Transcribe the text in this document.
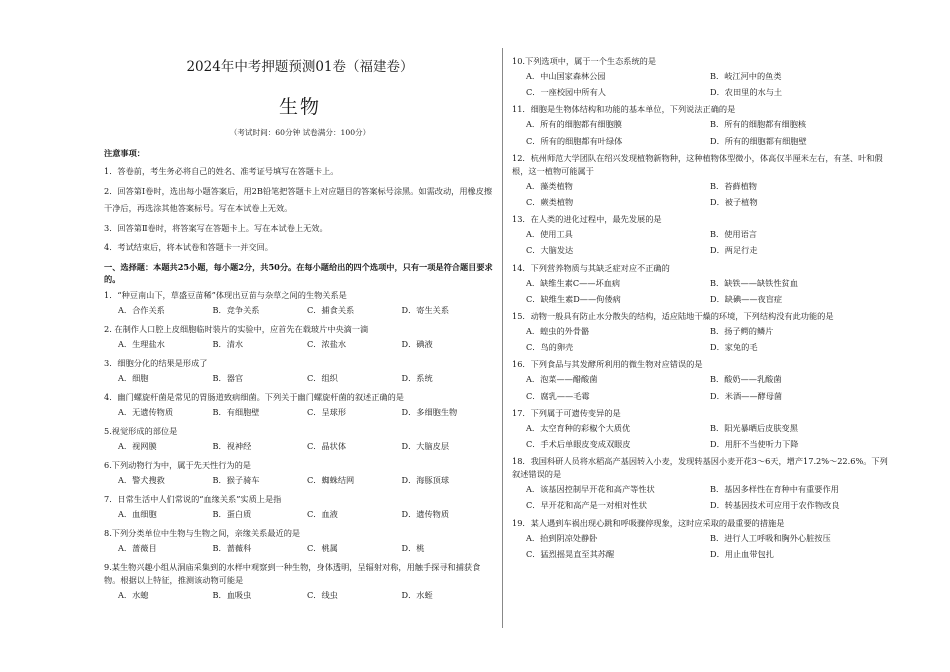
2024年中考押题预测01卷（福建卷）
生物
（考试时间：60分钟 试卷满分：100分）
注意事项：
1．答卷前，考生务必将自己的姓名、准考证号填写在答题卡上。
2．回答第Ⅰ卷时，选出每小题答案后，用2B铅笔把答题卡上对应题目的答案标号涂黑。如需改动，用橡皮擦干净后，再选涂其他答案标号。写在本试卷上无效。
3．回答第Ⅱ卷时，将答案写在答题卡上。写在本试卷上无效。
4．考试结束后，将本试卷和答题卡一并交回。
一、选择题：本题共25小题，每小题2分，共50分。在每小题给出的四个选项中，只有一项是符合题目要求的。
1．“种豆南山下，草盛豆苗稀”体现出豆苗与杂草之间的生物关系是
A．合作关系	B．竞争关系	C．捕食关系	D．寄生关系
2. 在制作人口腔上皮细胞临时装片的实验中，应首先在载玻片中央滴一滴
A．生理盐水	B．清水	C．浓盐水	D．碘液
3．细胞分化的结果是形成了
A．细胞	B．器官	C．组织	D．系统
4．幽门螺旋杆菌是常见的胃肠道致病细菌。下列关于幽门螺旋杆菌的叙述正确的是
A．无遗传物质	B．有细胞壁	C．呈球形	D．多细胞生物
5.视觉形成的部位是
A．视网膜	B．视神经	C．晶状体	D．大脑皮层
6.下列动物行为中，属于先天性行为的是
A．警犬搜救	B．猴子骑车	C．蜘蛛结网	D．海豚顶球
7．日常生活中人们常说的“血缘关系”实质上是指
A．血细胞	B．蛋白质	C．血液	D．遗传物质
8.下列分类单位中生物与生物之间，亲缘关系最近的是
A．蔷薇目	B．蔷薇科	C．桃属	D．桃
9.某生物兴趣小组从洞庙采集到的水样中观察到一种生物，身体透明，呈辐射对称，用触手探寻和捕获食物。根据以上特征，推测该动物可能是
A．水螅	B．血吸虫	C．线虫	D．水蛭
10.下列选项中，属于一个生态系统的是
A．中山国家森林公园	B．岐江河中的鱼类
C．一座校园中所有人	D．农田里的水与土
11．细胞是生物体结构和功能的基本单位，下列说法正确的是
A．所有的细胞都有细胞膜	B．所有的细胞都有细胞核
C．所有的细胞都有叶绿体	D．所有的细胞都有细胞壁
12．杭州师范大学团队在绍兴发现植物新物种，这种植物体型微小，体高仅半厘米左右，有茎、叶和假根，这一植物可能属于
A．藻类植物	B．苔藓植物
C．蕨类植物	D．被子植物
13．在人类的进化过程中，最先发展的是
A．使用工具	B．使用语言
C．大脑发达	D．两足行走
14．下列营养物质与其缺乏症对应不正确的
A．缺维生素C——坏血病	B．缺铁——缺铁性贫血
C．缺维生素D——佝偻病	D．缺碘——夜盲症
15．动物一般具有防止水分散失的结构，适应陆地干燥的环境，下列结构没有此功能的是
A．蝗虫的外骨骼	B．扬子鳄的鳞片
C．鸟的卵壳	D．家兔的毛
16．下列食品与其发酵所利用的微生物对应错误的是
A．泡菜——醋酸菌	B．酸奶——乳酸菌
C．腐乳——毛霉	D．米酒——酵母菌
17．下列属于可遗传变异的是
A．太空育种的彩椒个大质优	B．阳光暴晒后皮肤变黑
C．手术后单眼皮变成双眼皮	D．用肝不当使听力下降
18．我国科研人员将水稻高产基因转入小麦，发现转基因小麦开花3～6天，增产17.2%～22.6%。下列叙述错误的是
A．该基因控制早开花和高产等性状	B．基因多样性在育种中有重要作用
C．早开花和高产是一对相对性状	D．转基因技术可应用于农作物改良
19．某人遇到车祸出现心跳和呼吸骤停现象，这时应采取的最重要的措施是
A．抬到阴凉处静卧	B．进行人工呼吸和胸外心脏按压
C．猛烈摇晃直至其苏醒	D．用止血带包扎
